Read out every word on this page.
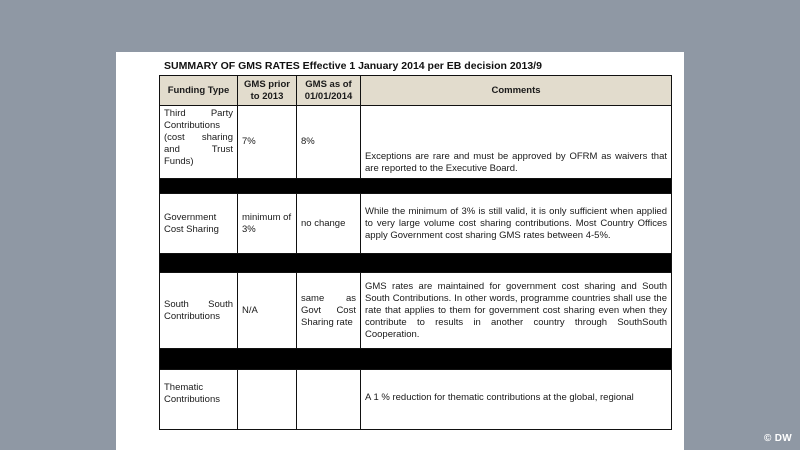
SUMMARY OF GMS RATES Effective 1 January 2014 per EB decision 2013/9
Funding Type	GMS prior to 2013	GMS as of 01/01/2014	Comments
Third Party Contributions (cost sharing and Trust Funds)	7%	8%	Exceptions are rare and must be approved by OFRM as waivers that are reported to the Executive Board.

Government Cost Sharing	minimum of 3%	no change	While the minimum of 3% is still valid, it is only sufficient when applied to very large volume cost sharing contributions. Most Country Offices apply Government cost sharing GMS rates between 4-5%.

South South Contributions	N/A	same as Govt Cost Sharing rate	GMS rates are maintained for government cost sharing and South South Contributions. In other words, programme countries shall use the rate that applies to them for government cost sharing even when they contribute to results in another country through SouthSouth Cooperation.

Thematic Contributions			A 1 % reduction for thematic contributions at the global, regional
© DW
